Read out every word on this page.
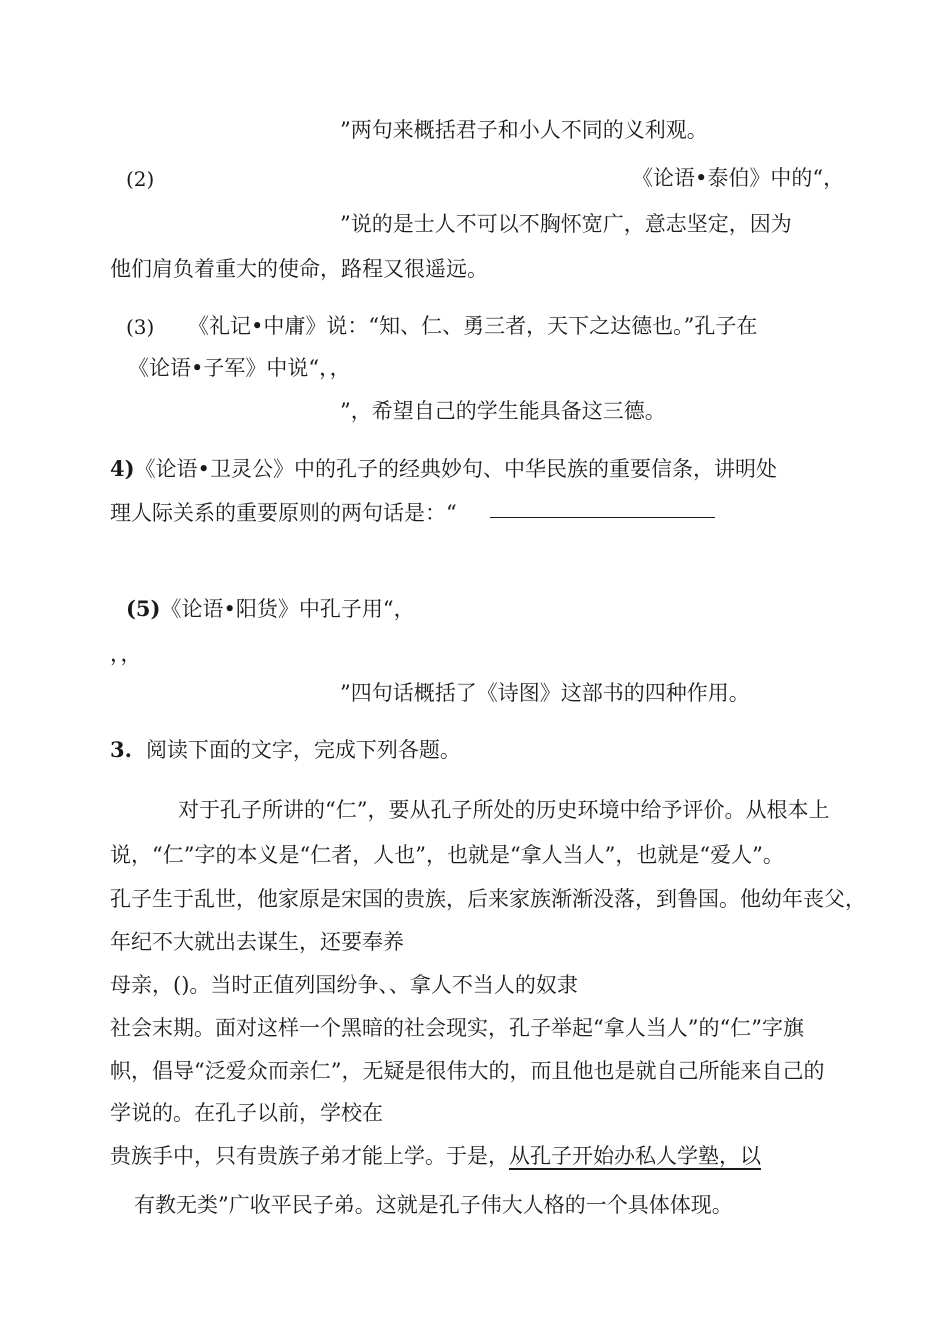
”两句来概括君子和小人不同的义利观。
(2)	《论语•泰伯》中的“，
”说的是士人不可以不胸怀宽广，意志坚定，因为
他们肩负着重大的使命，路程又很遥远。
(3) 《礼记•中庸》说：“知、仁、勇三者，天下之达德也。”孔子在
《论语•子军》中说“，，
”，希望自己的学生能具备这三德。
4)《论语•卫灵公》中的孔子的经典妙句、中华民族的重要信条，讲明处
理人际关系的重要原则的两句话是：“
(5)《论语•阳货》中孔子用“，
，，
”四句话概括了《诗图》这部书的四种作用。
3. 阅读下面的文字，完成下列各题。
对于孔子所讲的“仁”，要从孔子所处的历史环境中给予评价。从根本上
说，“仁”字的本义是“仁者，人也”，也就是“拿人当人”，也就是“爱人”。
孔子生于乱世，他家原是宋国的贵族，后来家族渐渐没落，到鲁国。他幼年丧父，
年纪不大就出去谋生，还要奉养
母亲，()。当时正值列国纷争、、拿人不当人的奴隶
社会末期。面对这样一个黑暗的社会现实，孔子举起“拿人当人”的“仁”字旗
帜，倡导“泛爱众而亲仁”，无疑是很伟大的，而且他也是就自己所能来自己的
学说的。在孔子以前，学校在
贵族手中，只有贵族子弟才能上学。于是，从孔子开始办私人学塾，以
有教无类”广收平民子弟。这就是孔子伟大人格的一个具体体现。
